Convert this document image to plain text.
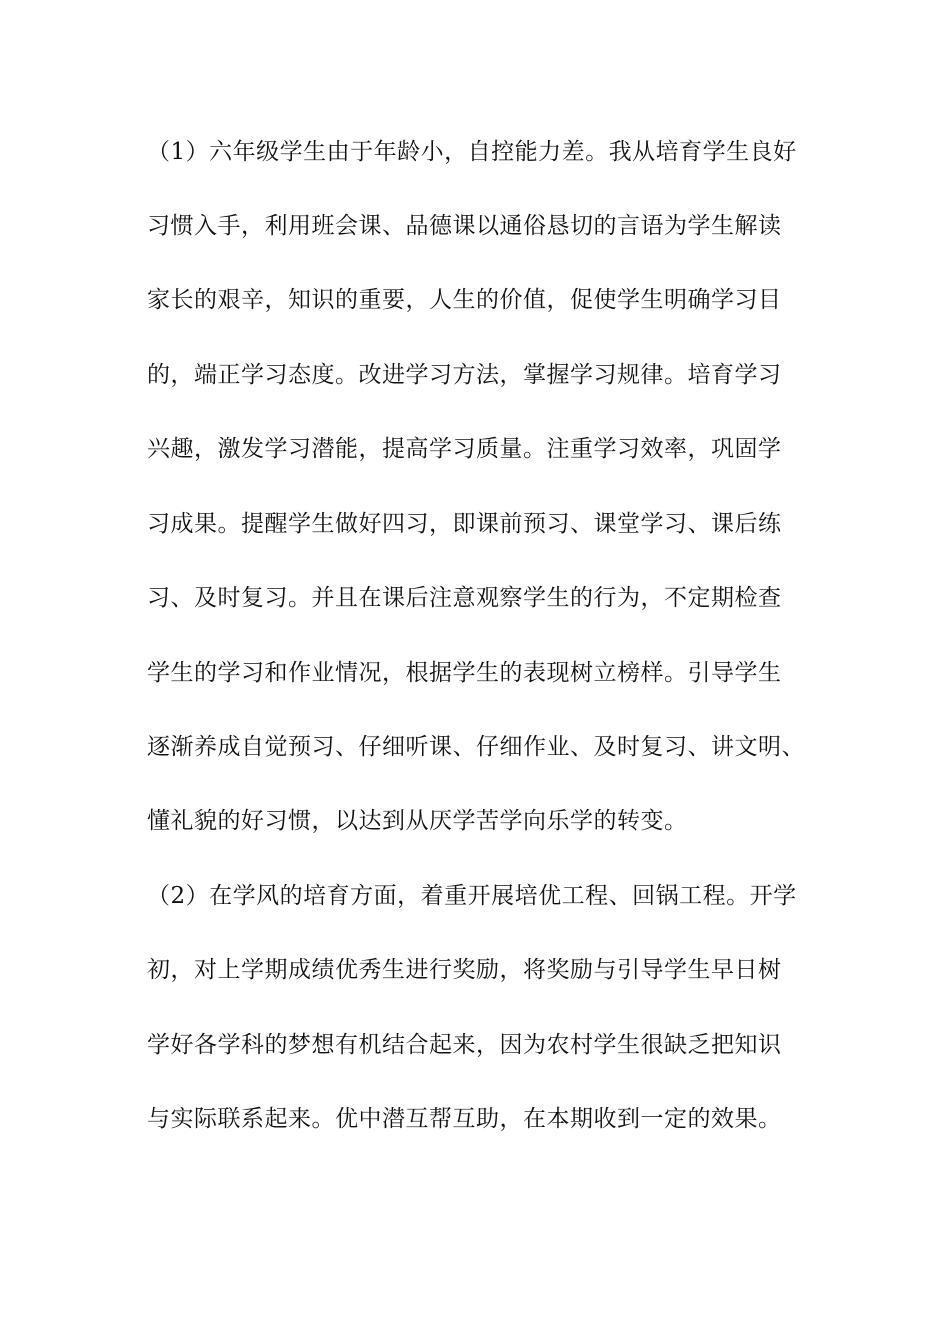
（1）六年级学生由于年龄小，自控能力差。我从培育学生良好
习惯入手，利用班会课、品德课以通俗恳切的言语为学生解读
家长的艰辛，知识的重要，人生的价值，促使学生明确学习目
的，端正学习态度。改进学习方法，掌握学习规律。培育学习
兴趣，激发学习潜能，提高学习质量。注重学习效率，巩固学
习成果。提醒学生做好四习，即课前预习、课堂学习、课后练
习、及时复习。并且在课后注意观察学生的行为，不定期检查
学生的学习和作业情况，根据学生的表现树立榜样。引导学生
逐渐养成自觉预习、仔细听课、仔细作业、及时复习、讲文明、
懂礼貌的好习惯，以达到从厌学苦学向乐学的转变。
（2）在学风的培育方面，着重开展培优工程、回锅工程。开学
初，对上学期成绩优秀生进行奖励，将奖励与引导学生早日树
学好各学科的梦想有机结合起来，因为农村学生很缺乏把知识
与实际联系起来。优中潜互帮互助，在本期收到一定的效果。
